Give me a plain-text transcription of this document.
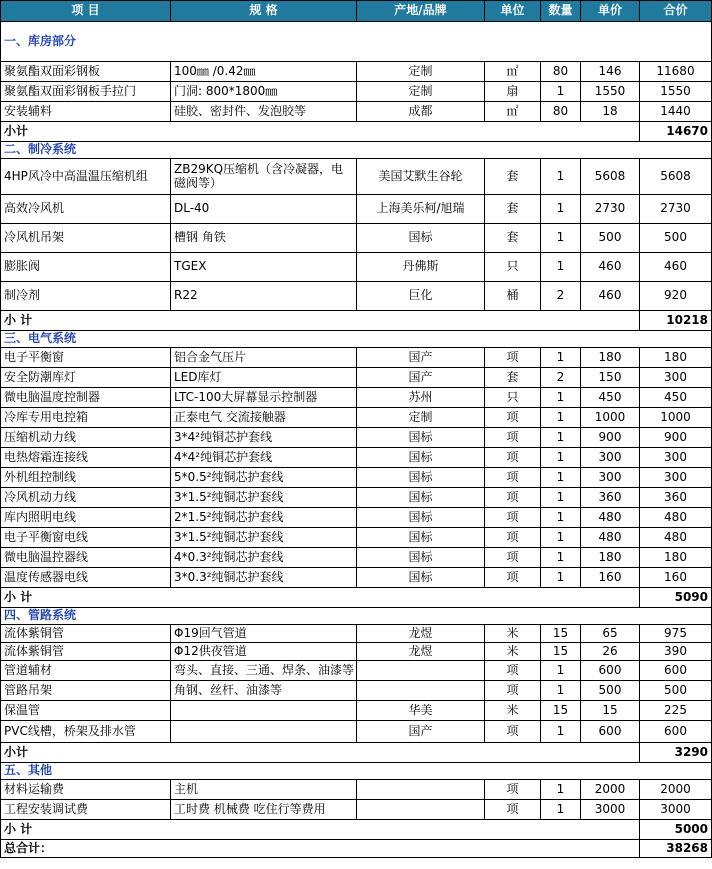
项 目	规 格	产地/品牌	单位	数量	单价	合价
一、库房部分						
聚氨酯双面彩钢板	100㎜ /0.42㎜	定制	㎡	80	146	11680
聚氨酯双面彩钢板手拉门	门洞: 800*1800㎜	定制	扇	1	1550	1550
安装辅料	硅胶、密封件、发泡胶等	成都	㎡	80	18	1440
小计						14670
二、制冷系统						
4HP风冷中高温温压缩机组	ZB29KQ压缩机（含冷凝器，电磁阀等）	美国艾默生谷轮	套	1	5608	5608
高效冷风机	DL-40	上海美乐柯/旭瑞	套	1	2730	2730
冷风机吊架	槽钢 角铁	国标	套	1	500	500
膨胀阀	TGEX	丹佛斯	只	1	460	460
制冷剂	R22	巨化	桶	2	460	920
小 计						10218
三、电气系统						
电子平衡窗	铝合金气压片	国产	项	1	180	180
安全防潮库灯	LED库灯	国产	套	2	150	300
微电脑温度控制器	LTC-100大屏幕显示控制器	苏州	只	1	450	450
冷库专用电控箱	正泰电气 交流接触器	定制	项	1	1000	1000
压缩机动力线	3*4²纯铜芯护套线	国标	项	1	900	900
电热熔霜连接线	4*4²纯铜芯护套线	国标	项	1	300	300
外机组控制线	5*0.5²纯铜芯护套线	国标	项	1	300	300
冷风机动力线	3*1.5²纯铜芯护套线	国标	项	1	360	360
库内照明电线	2*1.5²纯铜芯护套线	国标	项	1	480	480
电子平衡窗电线	3*1.5²纯铜芯护套线	国标	项	1	480	480
微电脑温控器线	4*0.3²纯铜芯护套线	国标	项	1	180	180
温度传感器电线	3*0.3²纯铜芯护套线	国标	项	1	160	160
小 计						5090
四、管路系统						
流体紫铜管	Φ19回气管道	龙煜	米	15	65	975
流体紫铜管	Φ12供夜管道	龙煜	米	15	26	390
管道辅材	弯头、直接、三通、焊条、油漆等		项	1	600	600
管路吊架	角钢、丝杆、油漆等		项	1	500	500
保温管		华美	米	15	15	225
PVC线槽，桥架及排水管		国产	项	1	600	600
小计						3290
五、其他						
材料运输费	主机		项	1	2000	2000
工程安装调试费	工时费 机械费 吃住行等费用		项	1	3000	3000
小 计						5000
总合计：						38268
